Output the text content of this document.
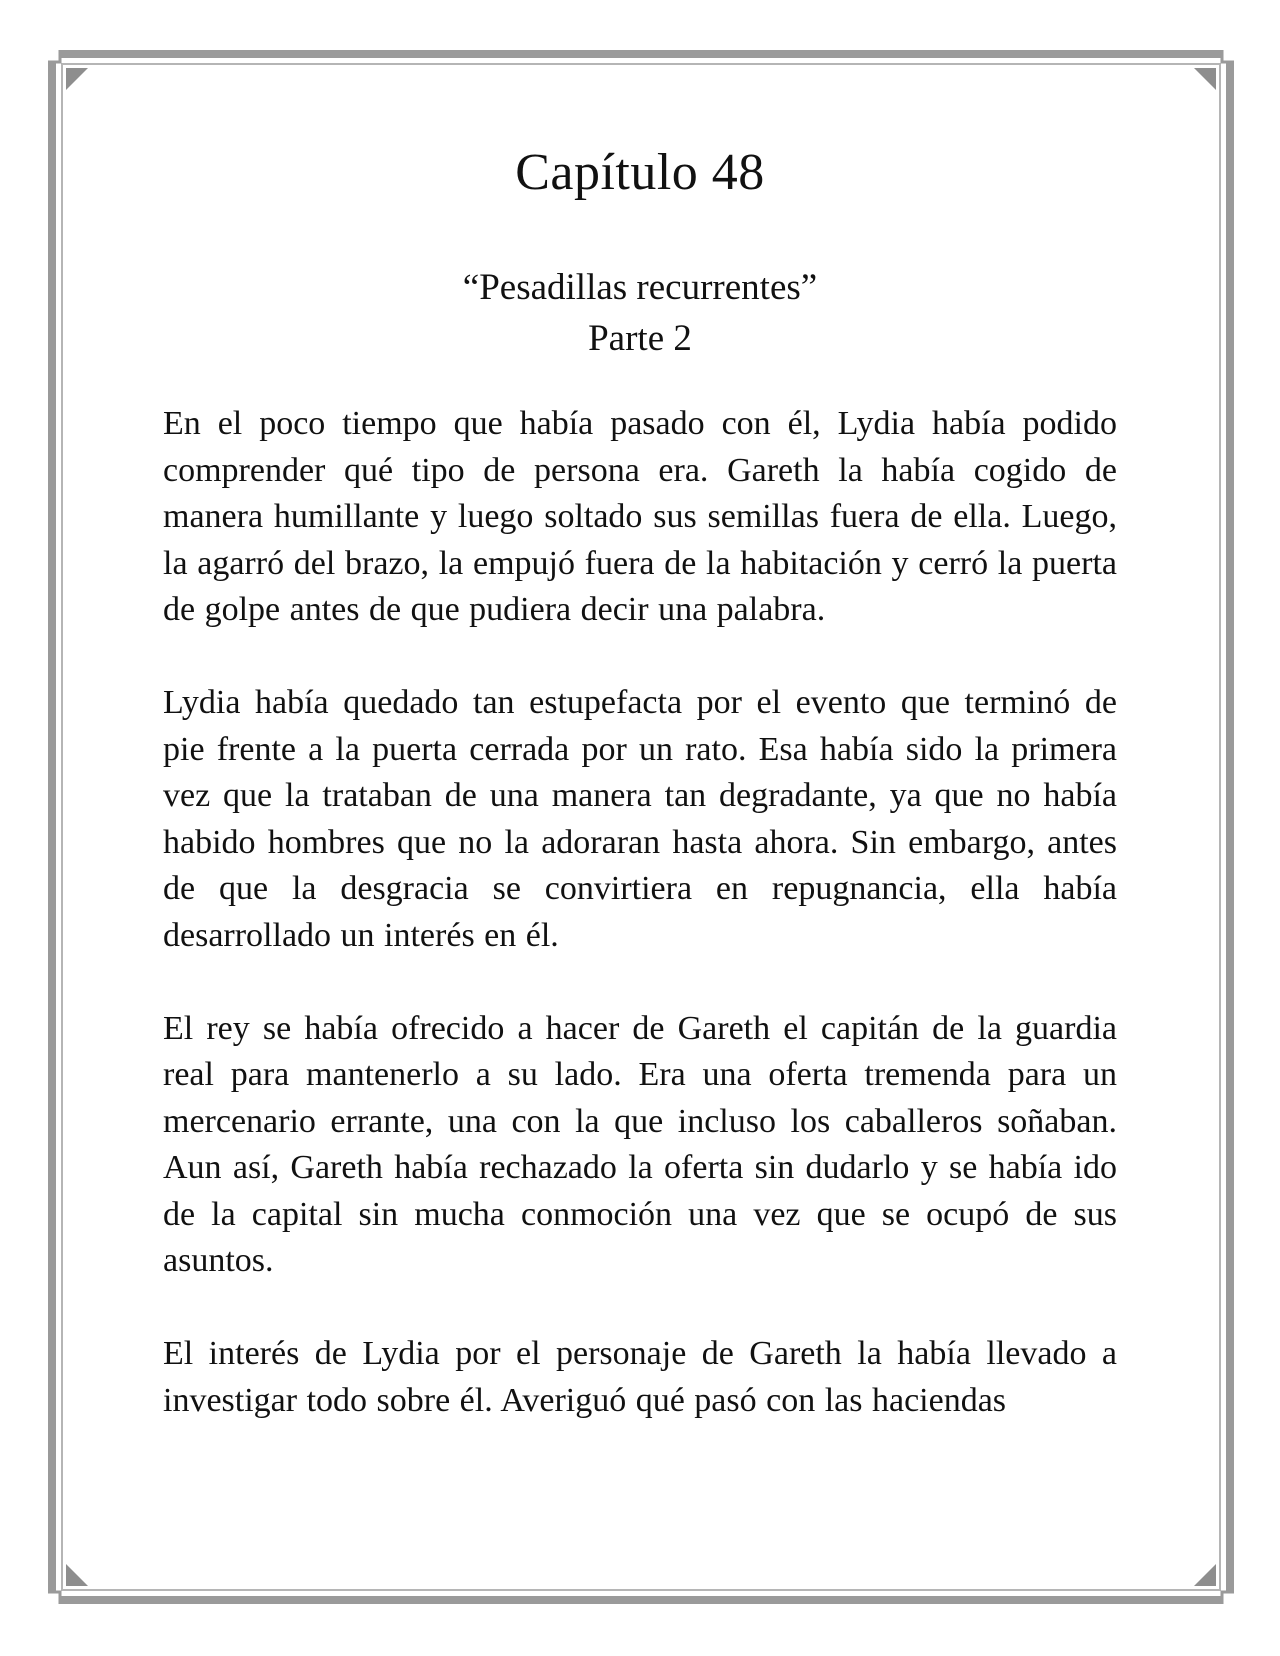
Capítulo 48
“Pesadillas recurrentes”
Parte 2

En el poco tiempo que había pasado con él, Lydia había podido comprender qué tipo de persona era. Gareth la había cogido de manera humillante y luego soltado sus semillas fuera de ella. Luego, la agarró del brazo, la empujó fuera de la habitación y cerró la puerta de golpe antes de que pudiera decir una palabra.

Lydia había quedado tan estupefacta por el evento que terminó de pie frente a la puerta cerrada por un rato. Esa había sido la primera vez que la trataban de una manera tan degradante, ya que no había habido hombres que no la adoraran hasta ahora. Sin embargo, antes de que la desgracia se convirtiera en repugnancia, ella había desarrollado un interés en él.

El rey se había ofrecido a hacer de Gareth el capitán de la guardia real para mantenerlo a su lado. Era una oferta tremenda para un mercenario errante, una con la que incluso los caballeros soñaban. Aun así, Gareth había rechazado la oferta sin dudarlo y se había ido de la capital sin mucha conmoción una vez que se ocupó de sus asuntos.

El interés de Lydia por el personaje de Gareth la había llevado a investigar todo sobre él. Averiguó qué pasó con las haciendas
